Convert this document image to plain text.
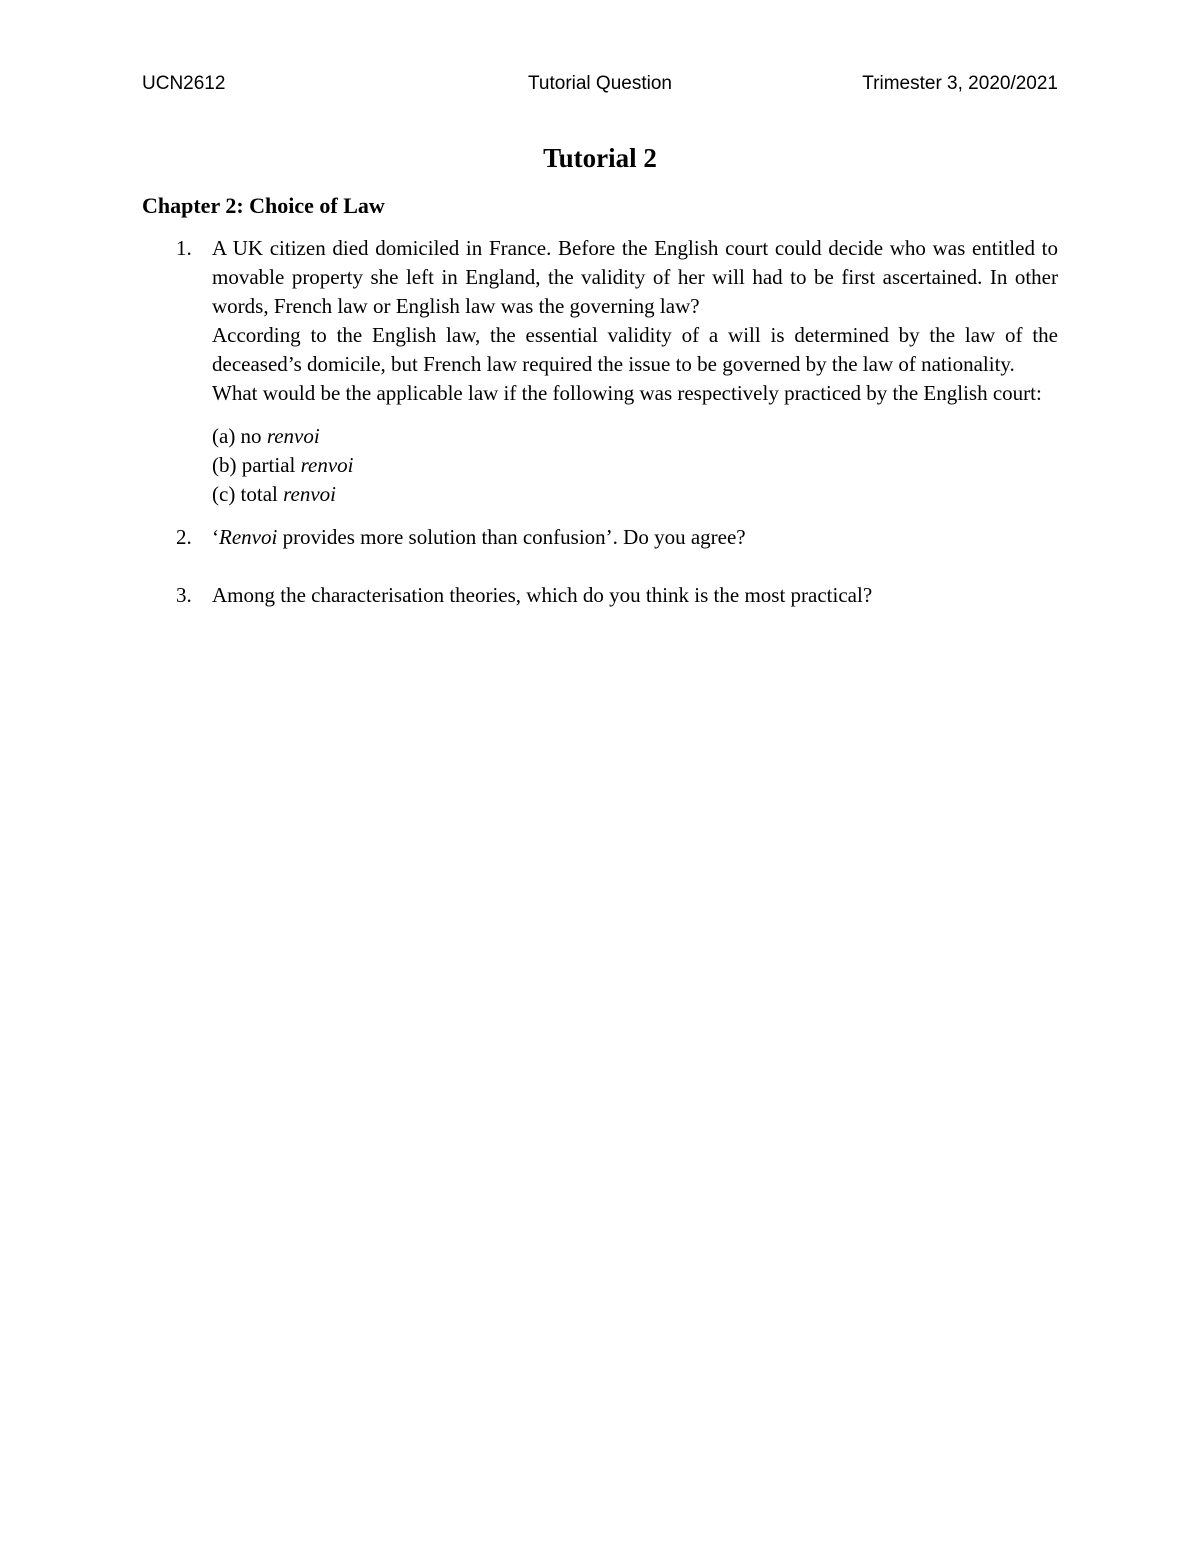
UCN2612	Tutorial Question	Trimester 3, 2020/2021
Tutorial 2
Chapter 2: Choice of Law
1. A UK citizen died domiciled in France. Before the English court could decide who was entitled to movable property she left in England, the validity of her will had to be first ascertained. In other words, French law or English law was the governing law?

According to the English law, the essential validity of a will is determined by the law of the deceased’s domicile, but French law required the issue to be governed by the law of nationality.

What would be the applicable law if the following was respectively practiced by the English court:

(a) no renvoi

(b) partial renvoi

(c) total renvoi

2. ‘Renvoi provides more solution than confusion’. Do you agree?

3. Among the characterisation theories, which do you think is the most practical?
